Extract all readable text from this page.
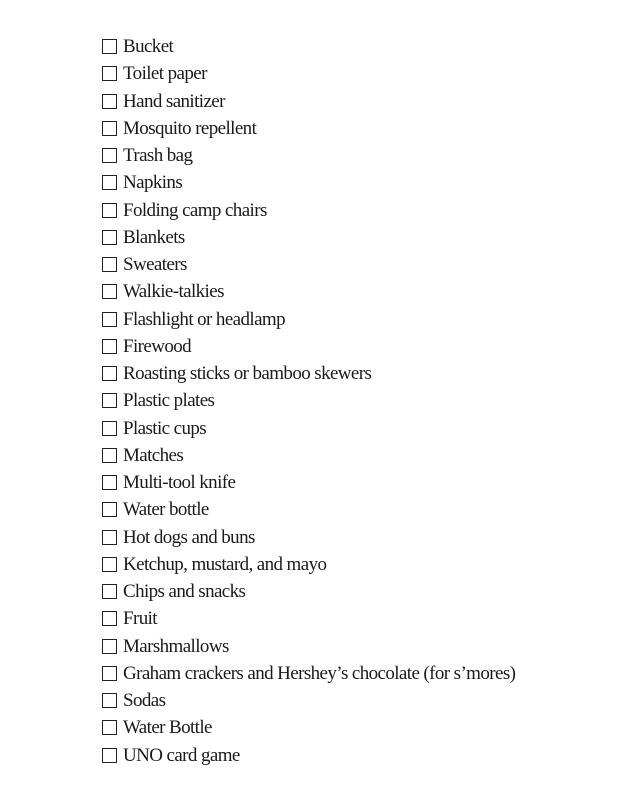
Bucket
Toilet paper
Hand sanitizer
Mosquito repellent
Trash bag
Napkins
Folding camp chairs
Blankets
Sweaters
Walkie-talkies
Flashlight or headlamp
Firewood
Roasting sticks or bamboo skewers
Plastic plates
Plastic cups
Matches
Multi-tool knife
Water bottle
Hot dogs and buns
Ketchup, mustard, and mayo
Chips and snacks
Fruit
Marshmallows
Graham crackers and Hershey’s chocolate (for s’mores)
Sodas
Water Bottle
UNO card game
